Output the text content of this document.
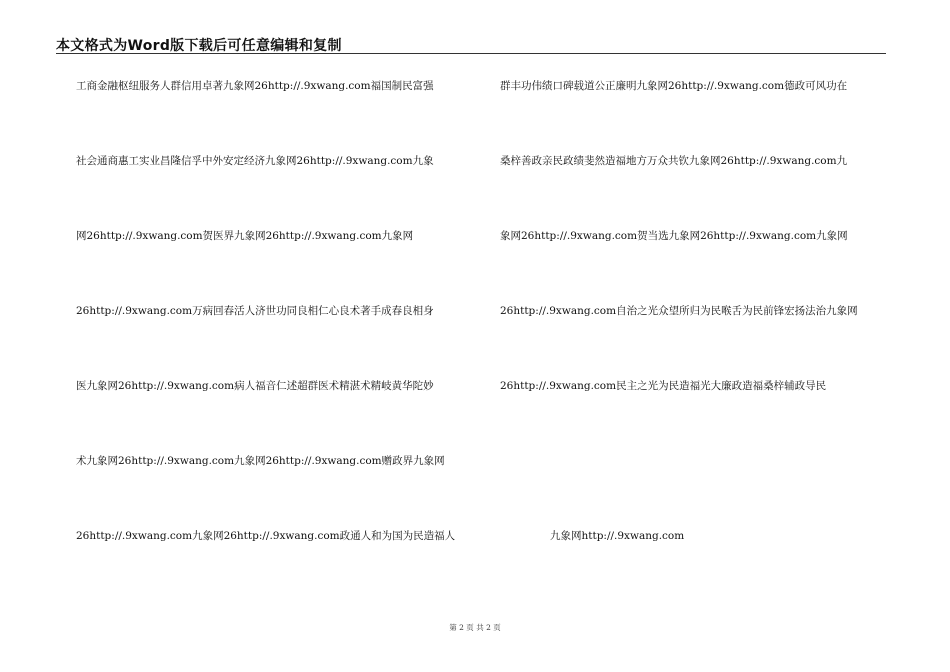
本文格式为Word版下载后可任意编辑和复制
工商金融枢纽服务人群信用卓著九象网26http://.9xwang.com福国制民富强
社会通商惠工实业昌隆信孚中外安定经济九象网26http://.9xwang.com九象
网26http://.9xwang.com贺医界九象网26http://.9xwang.com九象网
26http://.9xwang.com万病回春活人济世功同良相仁心良术著手成春良相身
医九象网26http://.9xwang.com病人福音仁述超群医术精湛术精岐黄华陀妙
术九象网26http://.9xwang.com九象网26http://.9xwang.com赠政界九象网
26http://.9xwang.com九象网26http://.9xwang.com政通人和为国为民造福人
群丰功伟绩口碑载道公正廉明九象网26http://.9xwang.com德政可风功在
桑梓善政亲民政绩斐然造福地方万众共钦九象网26http://.9xwang.com九
象网26http://.9xwang.com贺当选九象网26http://.9xwang.com九象网
26http://.9xwang.com自治之光众望所归为民喉舌为民前锋宏扬法治九象网
26http://.9xwang.com民主之光为民造福光大廉政造福桑梓辅政导民
九象网http://.9xwang.com
第 2 页 共 2 页
